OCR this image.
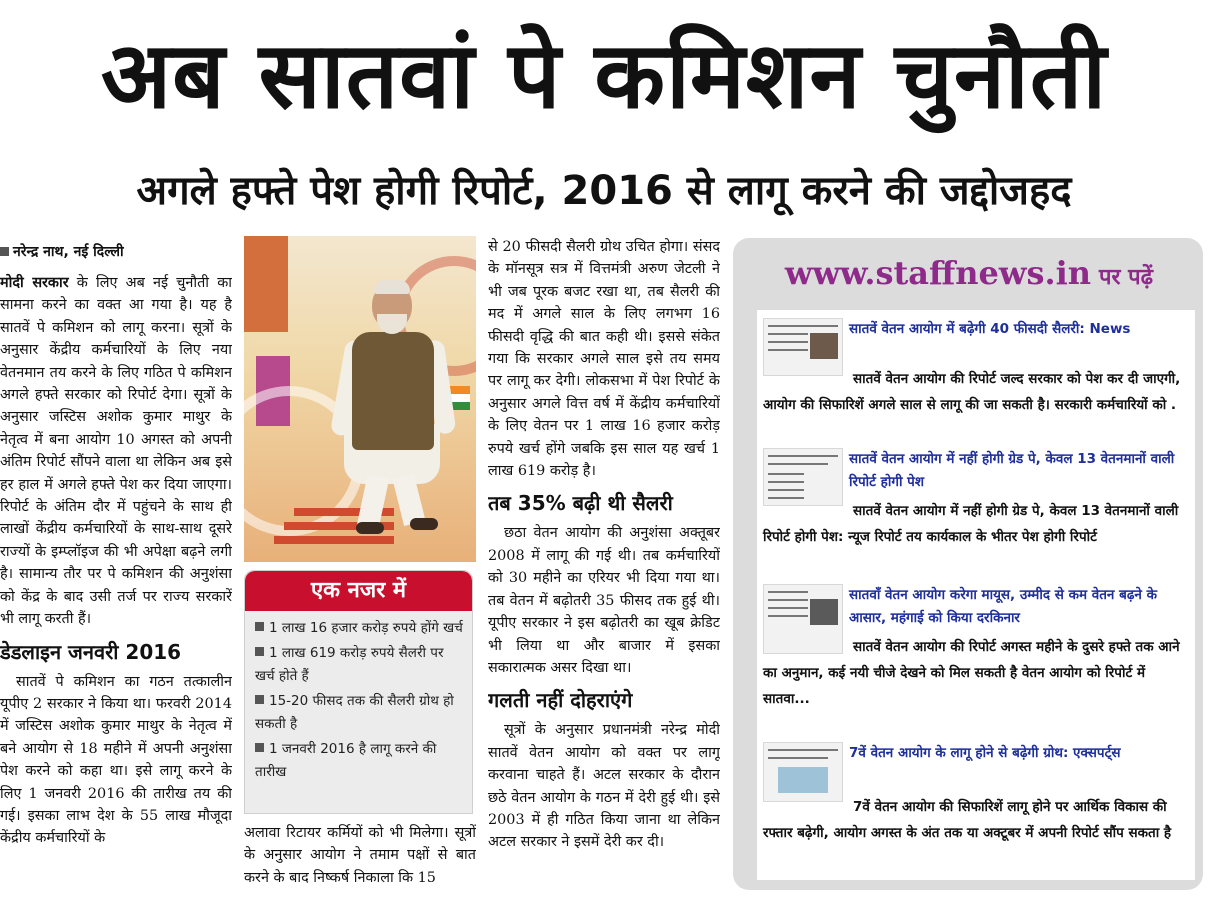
अब सातवां पे कमिशन चुनौती
अगले हफ्ते पेश होगी रिपोर्ट, 2016 से लागू करने की जद्दोजहद
नरेन्द्र नाथ, नई दिल्ली

मोदी सरकार के लिए अब नई चुनौती का सामना करने का वक्त आ गया है। यह है सातवें पे कमिशन को लागू करना। सूत्रों के अनुसार केंद्रीय कर्मचारियों के लिए नया वेतनमान तय करने के लिए गठित पे कमिशन अगले हफ्ते सरकार को रिपोर्ट देगा। सूत्रों के अनुसार जस्टिस अशोक कुमार माथुर के नेतृत्व में बना आयोग 10 अगस्त को अपनी अंतिम रिपोर्ट सौंपने वाला था लेकिन अब इसे हर हाल में अगले हफ्ते पेश कर दिया जाएगा। रिपोर्ट के अंतिम दौर में पहुंचने के साथ ही लाखों केंद्रीय कर्मचारियों के साथ-साथ दूसरे राज्यों के इम्प्लॉइज की भी अपेक्षा बढ़ने लगी है। सामान्य तौर पर पे कमिशन की अनुशंसा को केंद्र के बाद उसी तर्ज पर राज्य सरकारें भी लागू करती हैं।

डेडलाइन जनवरी 2016

सातवें पे कमिशन का गठन तत्कालीन यूपीए 2 सरकार ने किया था। फरवरी 2014 में जस्टिस अशोक कुमार माथुर के नेतृत्व में बने आयोग से 18 महीने में अपनी अनुशंसा पेश करने को कहा था। इसे लागू करने के लिए 1 जनवरी 2016 की तारीख तय की गई। इसका लाभ देश के 55 लाख मौजूदा केंद्रीय कर्मचारियों के

एक नजर में
1 लाख 16 हजार करोड़ रुपये होंगे खर्च
1 लाख 619 करोड़ रुपये सैलरी पर खर्च होते हैं
15-20 फीसद तक की सैलरी ग्रोथ हो सकती है
1 जनवरी 2016 है लागू करने की तारीख

अलावा रिटायर कर्मियों को भी मिलेगा। सूत्रों के अनुसार आयोग ने तमाम पक्षों से बात करने के बाद निष्कर्ष निकाला कि 15

से 20 फीसदी सैलरी ग्रोथ उचित होगा। संसद के मॉनसूत्र सत्र में वित्तमंत्री अरुण जेटली ने भी जब पूरक बजट रखा था, तब सैलरी की मद में अगले साल के लिए लगभग 16 फीसदी वृद्धि की बात कही थी। इससे संकेत गया कि सरकार अगले साल इसे तय समय पर लागू कर देगी। लोकसभा में पेश रिपोर्ट के अनुसार अगले वित्त वर्ष में केंद्रीय कर्मचारियों के लिए वेतन पर 1 लाख 16 हजार करोड़ रुपये खर्च होंगे जबकि इस साल यह खर्च 1 लाख 619 करोड़ है।

तब 35% बढ़ी थी सैलरी

छठा वेतन आयोग की अनुशंसा अक्तूबर 2008 में लागू की गई थी। तब कर्मचारियों को 30 महीने का एरियर भी दिया गया था। तब वेतन में बढ़ोतरी 35 फीसद तक हुई थी। यूपीए सरकार ने इस बढ़ोतरी का खूब क्रेडिट भी लिया था और बाजार में इसका सकारात्मक असर दिखा था।

गलती नहीं दोहराएंगे

सूत्रों के अनुसार प्रधानमंत्री नरेन्द्र मोदी सातवें वेतन आयोग को वक्त पर लागू करवाना चाहते हैं। अटल सरकार के दौरान छठे वेतन आयोग के गठन में देरी हुई थी। इसे 2003 में ही गठित किया जाना था लेकिन अटल सरकार ने इसमें देरी कर दी।

www.staffnews.in पर पढ़ें
सातवें वेतन आयोग में बढ़ेगी 40 फीसदी सैलरी: News
सातवें वेतन आयोग की रिपोर्ट जल्द सरकार को पेश कर दी जाएगी, आयोग की सिफारिशें अगले साल से लागू की जा सकती है। सरकारी कर्मचारियों को .
सातवें वेतन आयोग में नहीं होगी ग्रेड पे, केवल 13 वेतनमानों वाली रिपोर्ट होगी पेश
सातवें वेतन आयोग में नहीं होगी ग्रेड पे, केवल 13 वेतनमानों वाली रिपोर्ट होगी पेश: न्यूज रिपोर्ट तय कार्यकाल के भीतर पेश होगी रिपोर्ट
सातवाँ वेतन आयोग करेगा मायूस, उम्मीद से कम वेतन बढ़ने के आसार, महंगाई को किया दरकिनार
सातवें वेतन आयोग की रिपोर्ट अगस्त महीने के दुसरे हफ्ते तक आने का अनुमान, कई नयी चीजे देखने को मिल सकती है वेतन आयोग को रिपोर्ट में सातवा...
7वें वेतन आयोग के लागू होने से बढ़ेगी ग्रोथ: एक्सपर्ट्स
7वें वेतन आयोग की सिफारिशें लागू होने पर आर्थिक विकास की रफ्तार बढ़ेगी, आयोग अगस्त के अंत तक या अक्टूबर में अपनी रिपोर्ट सौंप सकता है
